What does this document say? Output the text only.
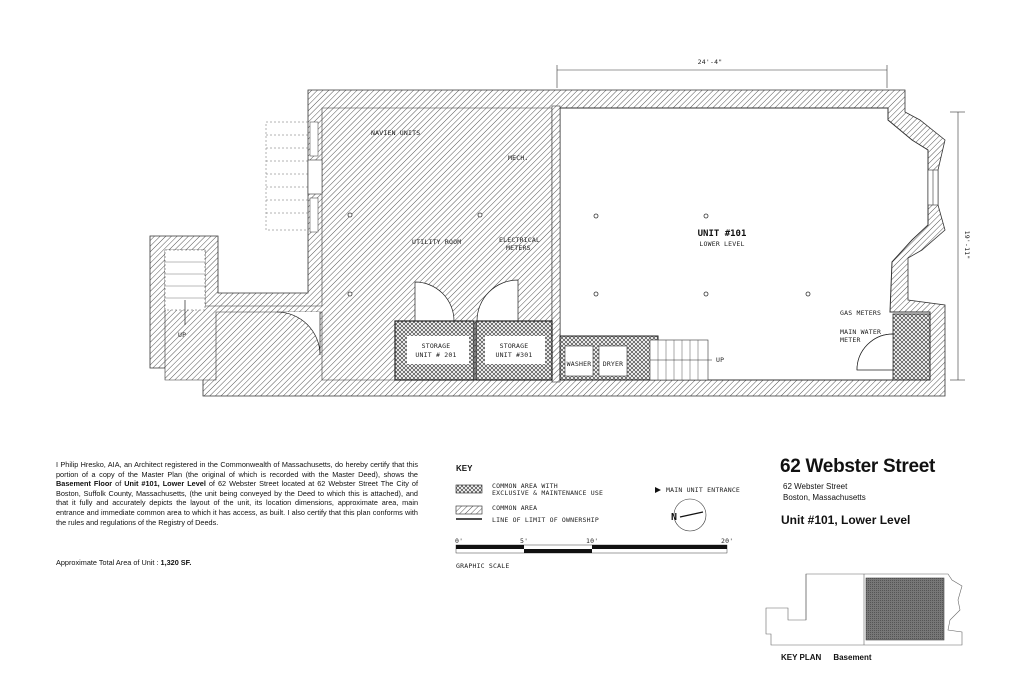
24'-4"
19'-11"
UNIT #101
LOWER LEVEL
NAVIEN UNITS
MECH.
UTILITY ROOM	ELECTRICAL
METERS
STORAGE
UNIT # 201
STORAGE
UNIT #301
WASHER DRYER	UP
UP
GAS METERS
MAIN WATER
METER
COMMON AREA WITH
EXCLUSIVE & MAINTENANCE USE
COMMON AREA
LINE OF LIMIT OF OWNERSHIP
MAIN UNIT ENTRANCE
N
0'	5'	10'	20'
GRAPHIC SCALE
I Philip Hresko, AIA, an Architect registered in the Commonwealth of Massachusetts, do hereby certify that this portion of a copy of the Master Plan (the original of which is recorded with the Master Deed), shows the Basement Floor of Unit #101, Lower Level of 62 Webster Street located at 62 Webster Street The City of Boston, Suffolk County, Massachusetts, (the unit being conveyed by the Deed to which this is attached), and that it fully and accurately depicts the layout of the unit, its location dimensions, approximate area, main entrance and immediate common area to which it has access, as built. I also certify that this plan conforms with the rules and regulations of the Registry of Deeds.
Approximate Total Area of Unit : 1,320 SF.
KEY	62 Webster Street
62 Webster Street
Boston, Massachusetts
Unit #101, Lower Level
KEY PLAN Basement
